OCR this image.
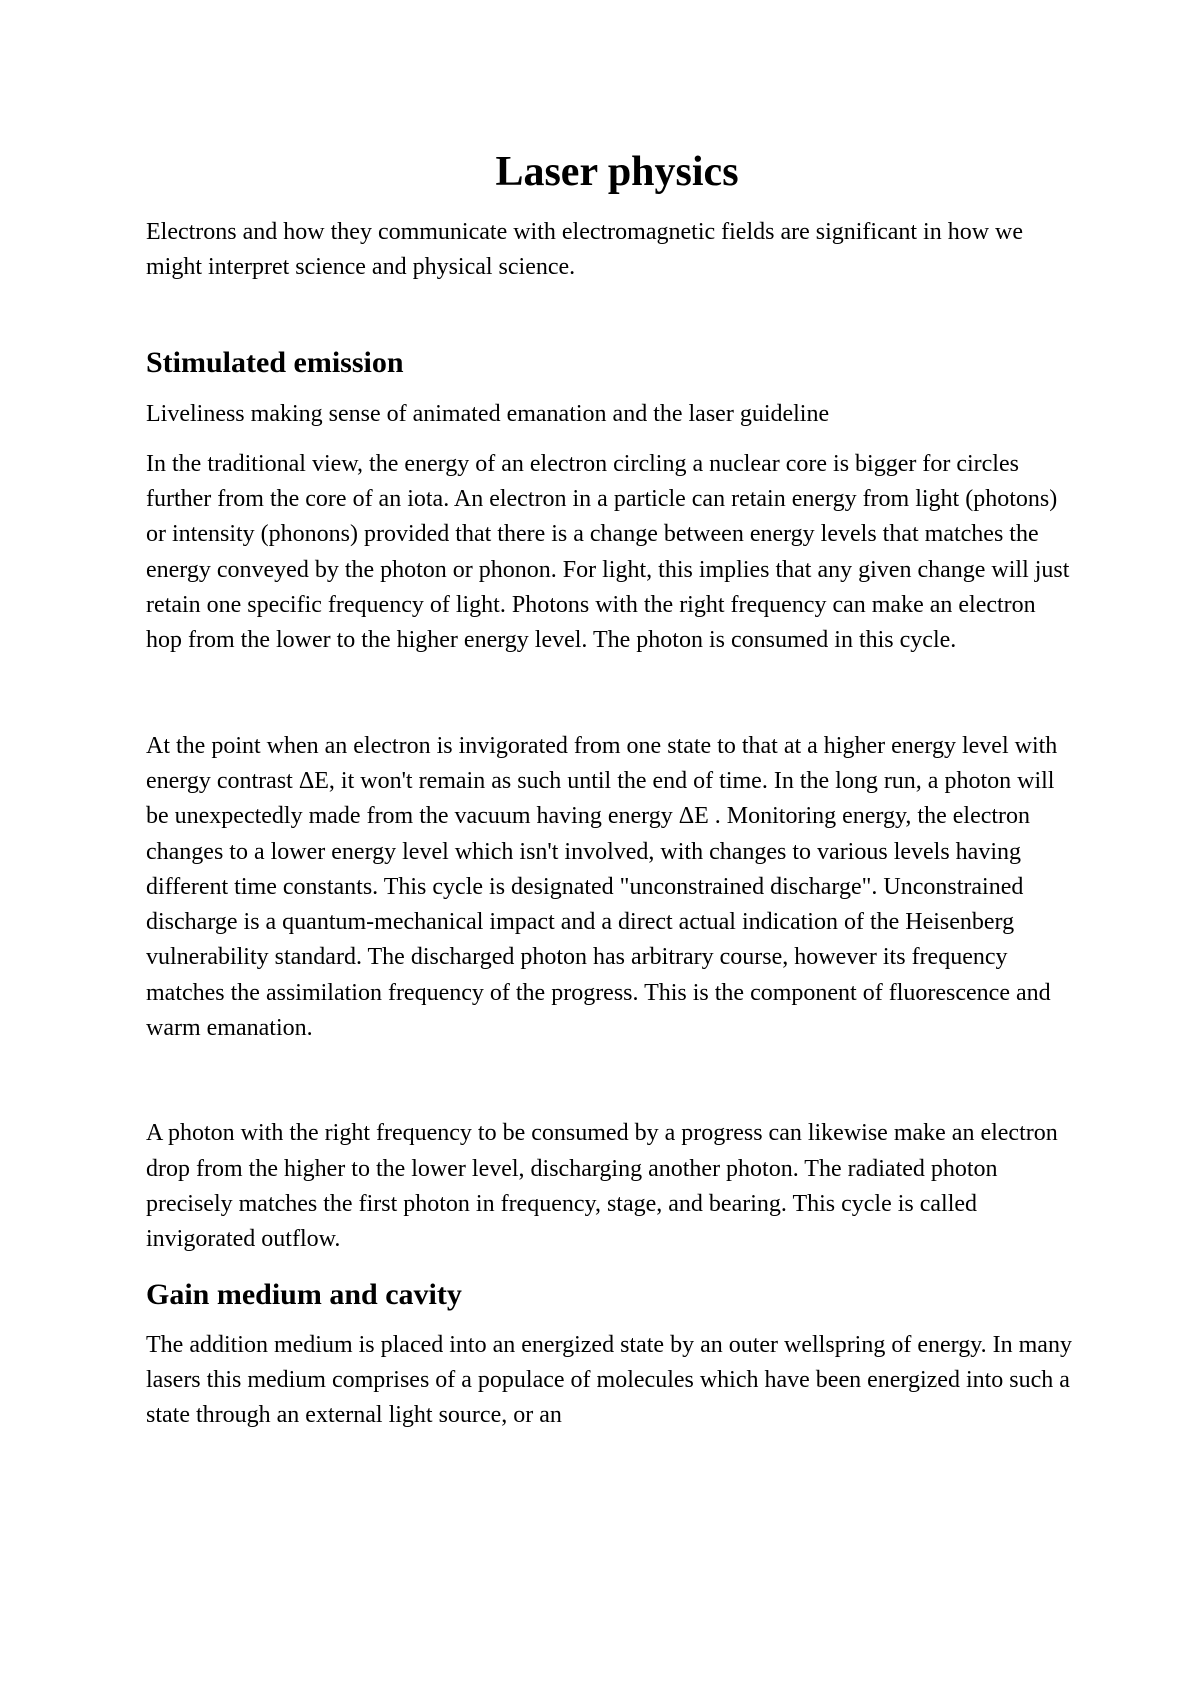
Laser physics

Electrons and how they communicate with electromagnetic fields are significant in how we might interpret science and physical science.

Stimulated emission

Liveliness making sense of animated emanation and the laser guideline

In the traditional view, the energy of an electron circling a nuclear core is bigger for circles further from the core of an iota. An electron in a particle can retain energy from light (photons) or intensity (phonons) provided that there is a change between energy levels that matches the energy conveyed by the photon or phonon. For light, this implies that any given change will just retain one specific frequency of light. Photons with the right frequency can make an electron hop from the lower to the higher energy level. The photon is consumed in this cycle.

At the point when an electron is invigorated from one state to that at a higher energy level with energy contrast ΔE, it won't remain as such until the end of time. In the long run, a photon will be unexpectedly made from the vacuum having energy ΔE . Monitoring energy, the electron changes to a lower energy level which isn't involved, with changes to various levels having different time constants. This cycle is designated "unconstrained discharge". Unconstrained discharge is a quantum-mechanical impact and a direct actual indication of the Heisenberg vulnerability standard. The discharged photon has arbitrary course, however its frequency matches the assimilation frequency of the progress. This is the component of fluorescence and warm emanation.

A photon with the right frequency to be consumed by a progress can likewise make an electron drop from the higher to the lower level, discharging another photon. The radiated photon precisely matches the first photon in frequency, stage, and bearing. This cycle is called invigorated outflow.

Gain medium and cavity

The addition medium is placed into an energized state by an outer wellspring of energy. In many lasers this medium comprises of a populace of molecules which have been energized into such a state through an external light source, or an
